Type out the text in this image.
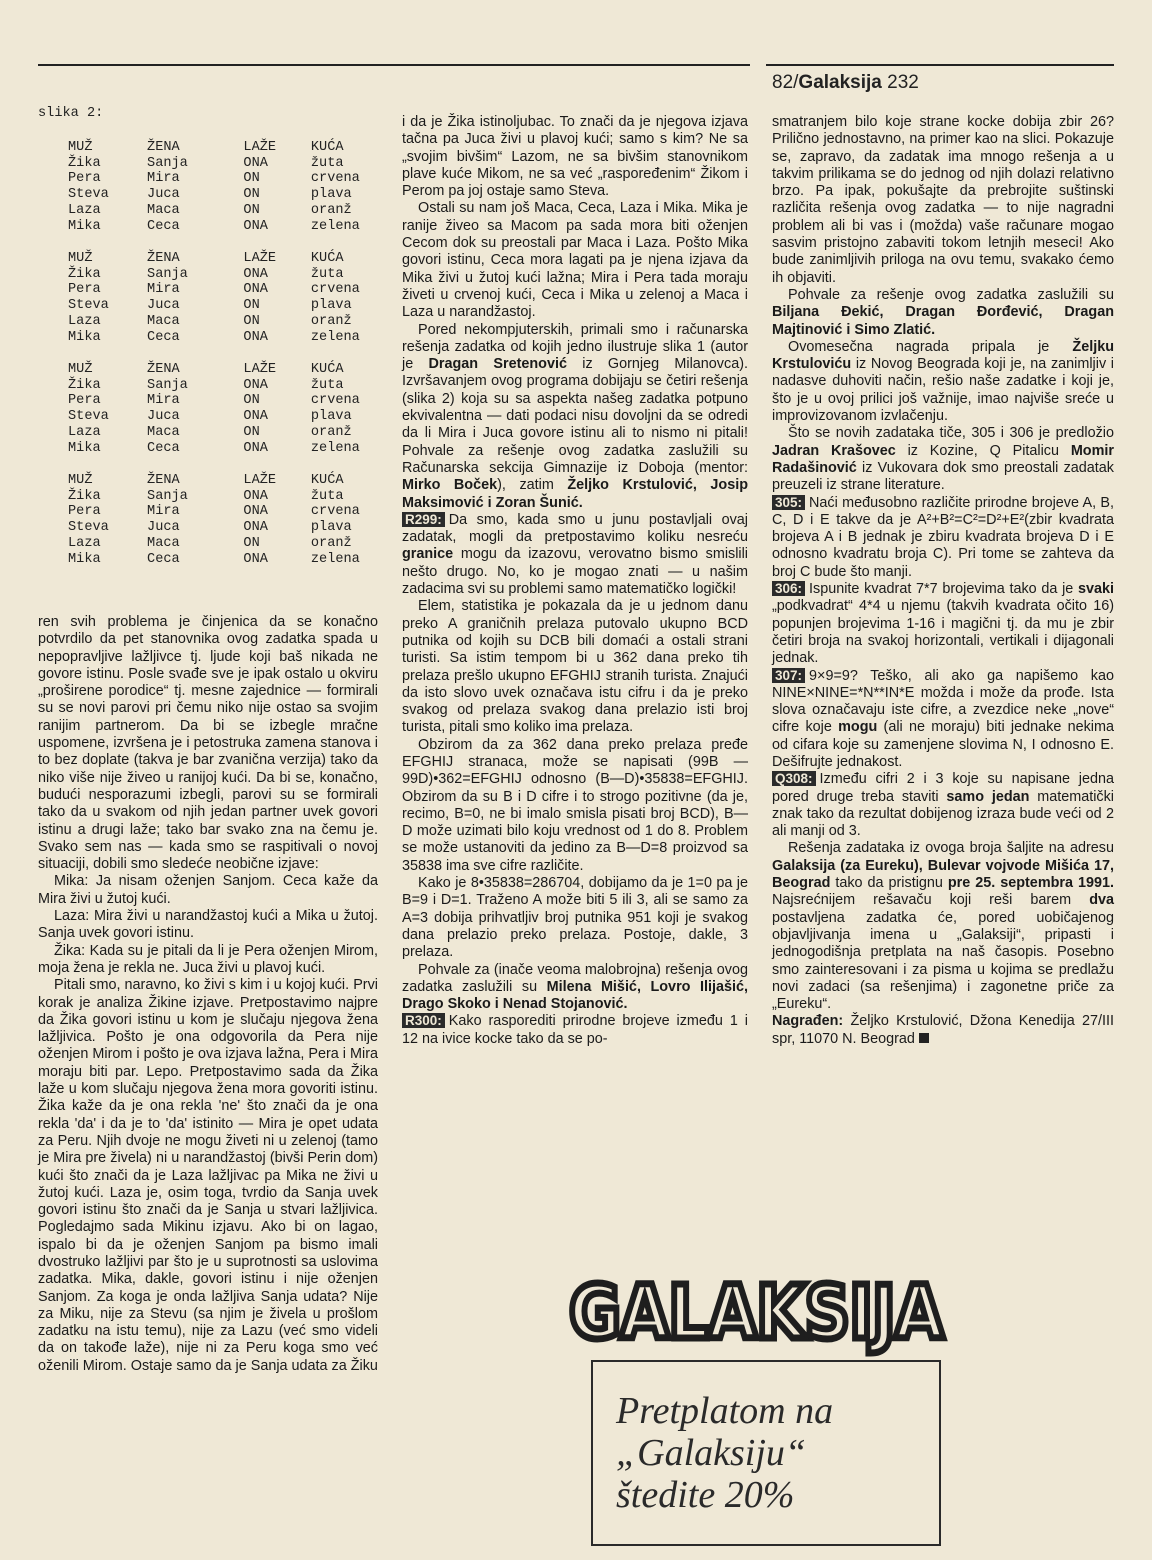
82/Galaksija 232
slika 2:
MUŽ	ŽENA	LAŽE	KUĆA
Žika	Sanja	ONA	žuta
Pera	Mira	ON	crvena
Steva	Juca	ON	plava
Laza	Maca	ON	oranž
Mika	Ceca	ONA	zelena
MUŽ	ŽENA	LAŽE	KUĆA
Žika	Sanja	ONA	žuta
Pera	Mira	ONA	crvena
Steva	Juca	ON	plava
Laza	Maca	ON	oranž
Mika	Ceca	ONA	zelena
MUŽ	ŽENA	LAŽE	KUĆA
Žika	Sanja	ONA	žuta
Pera	Mira	ON	crvena
Steva	Juca	ONA	plava
Laza	Maca	ON	oranž
Mika	Ceca	ONA	zelena
MUŽ	ŽENA	LAŽE	KUĆA
Žika	Sanja	ONA	žuta
Pera	Mira	ONA	crvena
Steva	Juca	ONA	plava
Laza	Maca	ON	oranž
Mika	Ceca	ONA	zelena

ren svih problema je činjenica da se konačno potvrdilo da pet stanovnika ovog zadatka spada u nepopravljive lažljivce tj. ljude koji baš nikada ne govore istinu. Posle svađe sve je ipak ostalo u okviru „proširene porodice“ tj. mesne zajednice — formirali su se novi parovi pri čemu niko nije ostao sa svojim ranijim partnerom. Da bi se izbegle mračne uspomene, izvršena je i petostruka zamena stanova i to bez doplate (takva je bar zvanična verzija) tako da niko više nije živeo u ranijoj kući. Da bi se, konačno, budući nesporazumi izbegli, parovi su se formirali tako da u svakom od njih jedan partner uvek govori istinu a drugi laže; tako bar svako zna na čemu je. Svako sem nas — kada smo se raspitivali o novoj situaciji, dobili smo sledeće neobične izjave:

Mika: Ja nisam oženjen Sanjom. Ceca kaže da Mira živi u žutoj kući.

Laza: Mira živi u narandžastoj kući a Mika u žutoj. Sanja uvek govori istinu.

Žika: Kada su je pitali da li je Pera oženjen Mirom, moja žena je rekla ne. Juca živi u plavoj kući.

Pitali smo, naravno, ko živi s kim i u kojoj kući. Prvi korak je analiza Žikine izjave. Pretpostavimo najpre da Žika govori istinu u kom je slučaju njegova žena lažljivica. Pošto je ona odgovorila da Pera nije oženjen Mirom i pošto je ova izjava lažna, Pera i Mira moraju biti par. Lepo. Pretpostavimo sada da Žika laže u kom slučaju njegova žena mora govoriti istinu. Žika kaže da je ona rekla 'ne' što znači da je ona rekla 'da' i da je to 'da' istinito — Mira je opet udata za Peru. Njih dvoje ne mogu živeti ni u zelenoj (tamo je Mira pre živela) ni u narandžastoj (bivši Perin dom) kući što znači da je Laza lažljivac pa Mika ne živi u žutoj kući. Laza je, osim toga, tvrdio da Sanja uvek govori istinu što znači da je Sanja u stvari lažljivica. Pogledajmo sada Mikinu izjavu. Ako bi on lagao, ispalo bi da je oženjen Sanjom pa bismo imali dvostruko lažljivi par što je u suprotnosti sa uslovima zadatka. Mika, dakle, govori istinu i nije oženjen Sanjom. Za koga je onda lažljiva Sanja udata? Nije za Miku, nije za Stevu (sa njim je živela u prošlom zadatku na istu temu), nije za Lazu (već smo videli da on takođe laže), nije ni za Peru koga smo već oženili Mirom. Ostaje samo da je Sanja udata za Žiku

i da je Žika istinoljubac. To znači da je njegova izjava tačna pa Juca živi u plavoj kući; samo s kim? Ne sa „svojim bivšim“ Lazom, ne sa bivšim stanovnikom plave kuće Mikom, ne sa već „raspoređenim“ Žikom i Perom pa joj ostaje samo Steva.

Ostali su nam još Maca, Ceca, Laza i Mika. Mika je ranije živeo sa Macom pa sada mora biti oženjen Cecom dok su preostali par Maca i Laza. Pošto Mika govori istinu, Ceca mora lagati pa je njena izjava da Mika živi u žutoj kući lažna; Mira i Pera tada moraju živeti u crvenoj kući, Ceca i Mika u zelenoj a Maca i Laza u narandžastoj.

Pored nekompjuterskih, primali smo i računarska rešenja zadatka od kojih jedno ilustruje slika 1 (autor je Dragan Sretenović iz Gornjeg Milanovca). Izvršavanjem ovog programa dobijaju se četiri rešenja (slika 2) koja su sa aspekta našeg zadatka potpuno ekvivalentna — dati podaci nisu dovoljni da se odredi da li Mira i Juca govore istinu ali to nismo ni pitali! Pohvale za rešenje ovog zadatka zaslužili su Računarska sekcija Gimnazije iz Doboja (mentor: Mirko Boček), zatim Željko Krstulović, Josip Maksimović i Zoran Šunić.

R299: Da smo, kada smo u junu postavljali ovaj zadatak, mogli da pretpostavimo koliku nesreću granice mogu da izazovu, verovatno bismo smislili nešto drugo. No, ko je mogao znati — u našim zadacima svi su problemi samo matematičko logički!

Elem, statistika je pokazala da je u jednom danu preko A graničnih prelaza putovalo ukupno BCD putnika od kojih su DCB bili domaći a ostali strani turisti. Sa istim tempom bi u 362 dana preko tih prelaza prešlo ukupno EFGHIJ stranih turista. Znajući da isto slovo uvek označava istu cifru i da je preko svakog od prelaza svakog dana prelazio isti broj turista, pitali smo koliko ima prelaza.

Obzirom da za 362 dana preko prelaza pređe EFGHIJ stranaca, može se napisati (99B — 99D)•362=EFGHIJ odnosno (B—D)•35838=EFGHIJ. Obzirom da su B i D cifre i to strogo pozitivne (da je, recimo, B=0, ne bi imalo smisla pisati broj BCD), B—D može uzimati bilo koju vrednost od 1 do 8. Problem se može ustanoviti da jedino za B—D=8 proizvod sa 35838 ima sve cifre različite.

Kako je 8•35838=286704, dobijamo da je 1=0 pa je B=9 i D=1. Traženo A može biti 5 ili 3, ali se samo za A=3 dobija prihvatljiv broj putnika 951 koji je svakog dana prelazio preko prelaza. Postoje, dakle, 3 prelaza.

Pohvale za (inače veoma malobrojna) rešenja ovog zadatka zaslužili su Milena Mišić, Lovro Ilijašić, Drago Skoko i Nenad Stojanović.

R300: Kako rasporediti prirodne brojeve između 1 i 12 na ivice kocke tako da se po-

smatranjem bilo koje strane kocke dobija zbir 26? Prilično jednostavno, na primer kao na slici. Pokazuje se, zapravo, da zadatak ima mnogo rešenja a u takvim prilikama se do jednog od njih dolazi relativno brzo. Pa ipak, pokušajte da prebrojite suštinski različita rešenja ovog zadatka — to nije nagradni problem ali bi vas i (možda) vaše računare mogao sasvim pristojno zabaviti tokom letnjih meseci! Ako bude zanimljivih priloga na ovu temu, svakako ćemo ih objaviti.

Pohvale za rešenje ovog zadatka zaslužili su Biljana Đekić, Dragan Đorđević, Dragan Majtinović i Simo Zlatić.

Ovomesečna nagrada pripala je Željku Krstuloviću iz Novog Beograda koji je, na zanimljiv i nadasve duhoviti način, rešio naše zadatke i koji je, što je u ovoj prilici još važnije, imao najviše sreće u improvizovanom izvlačenju.

Što se novih zadataka tiče, 305 i 306 je predložio Jadran Krašovec iz Kozine, Q Pitalicu Momir Radašinović iz Vukovara dok smo preostali zadatak preuzeli iz strane literature.

305: Naći međusobno različite prirodne brojeve A, B, C, D i E takve da je A²+B²=C²=D²+E²(zbir kvadrata brojeva A i B jednak je zbiru kvadrata brojeva D i E odnosno kvadratu broja C). Pri tome se zahteva da broj C bude što manji.

306: Ispunite kvadrat 7*7 brojevima tako da je svaki „podkvadrat“ 4*4 u njemu (takvih kvadrata očito 16) popunjen brojevima 1-16 i magični tj. da mu je zbir četiri broja na svakoj horizontali, vertikali i dijagonali jednak.

307: 9×9=9? Teško, ali ako ga napišemo kao NINE×NINE=*N**IN*E možda i može da prođe. Ista slova označavaju iste cifre, a zvezdice neke „nove“ cifre koje mogu (ali ne moraju) biti jednake nekima od cifara koje su zamenjene slovima N, I odnosno E. Dešifrujte jednakost.

Q308: Između cifri 2 i 3 koje su napisane jedna pored druge treba staviti samo jedan matematički znak tako da rezultat dobijenog izraza bude veći od 2 ali manji od 3.

Rešenja zadataka iz ovoga broja šaljite na adresu Galaksija (za Eureku), Bulevar vojvode Mišića 17, Beograd tako da pristignu pre 25. septembra 1991. Najsrećnijem rešavaču koji reši barem dva postavljena zadatka će, pored uobičajenog objavljivanja imena u „Galaksiji“, pripasti i jednogodišnja pretplata na naš časopis. Posebno smo zainteresovani i za pisma u kojima se predlažu novi zadaci (sa rešenjima) i zagonetne priče za „Eureku“.

Nagrađen: Željko Krstulović, Džona Kenedija 27/III spr, 11070 N. Beograd

GALAKSIJA
Pretplatom na
„Galaksiju“
štedite 20%
